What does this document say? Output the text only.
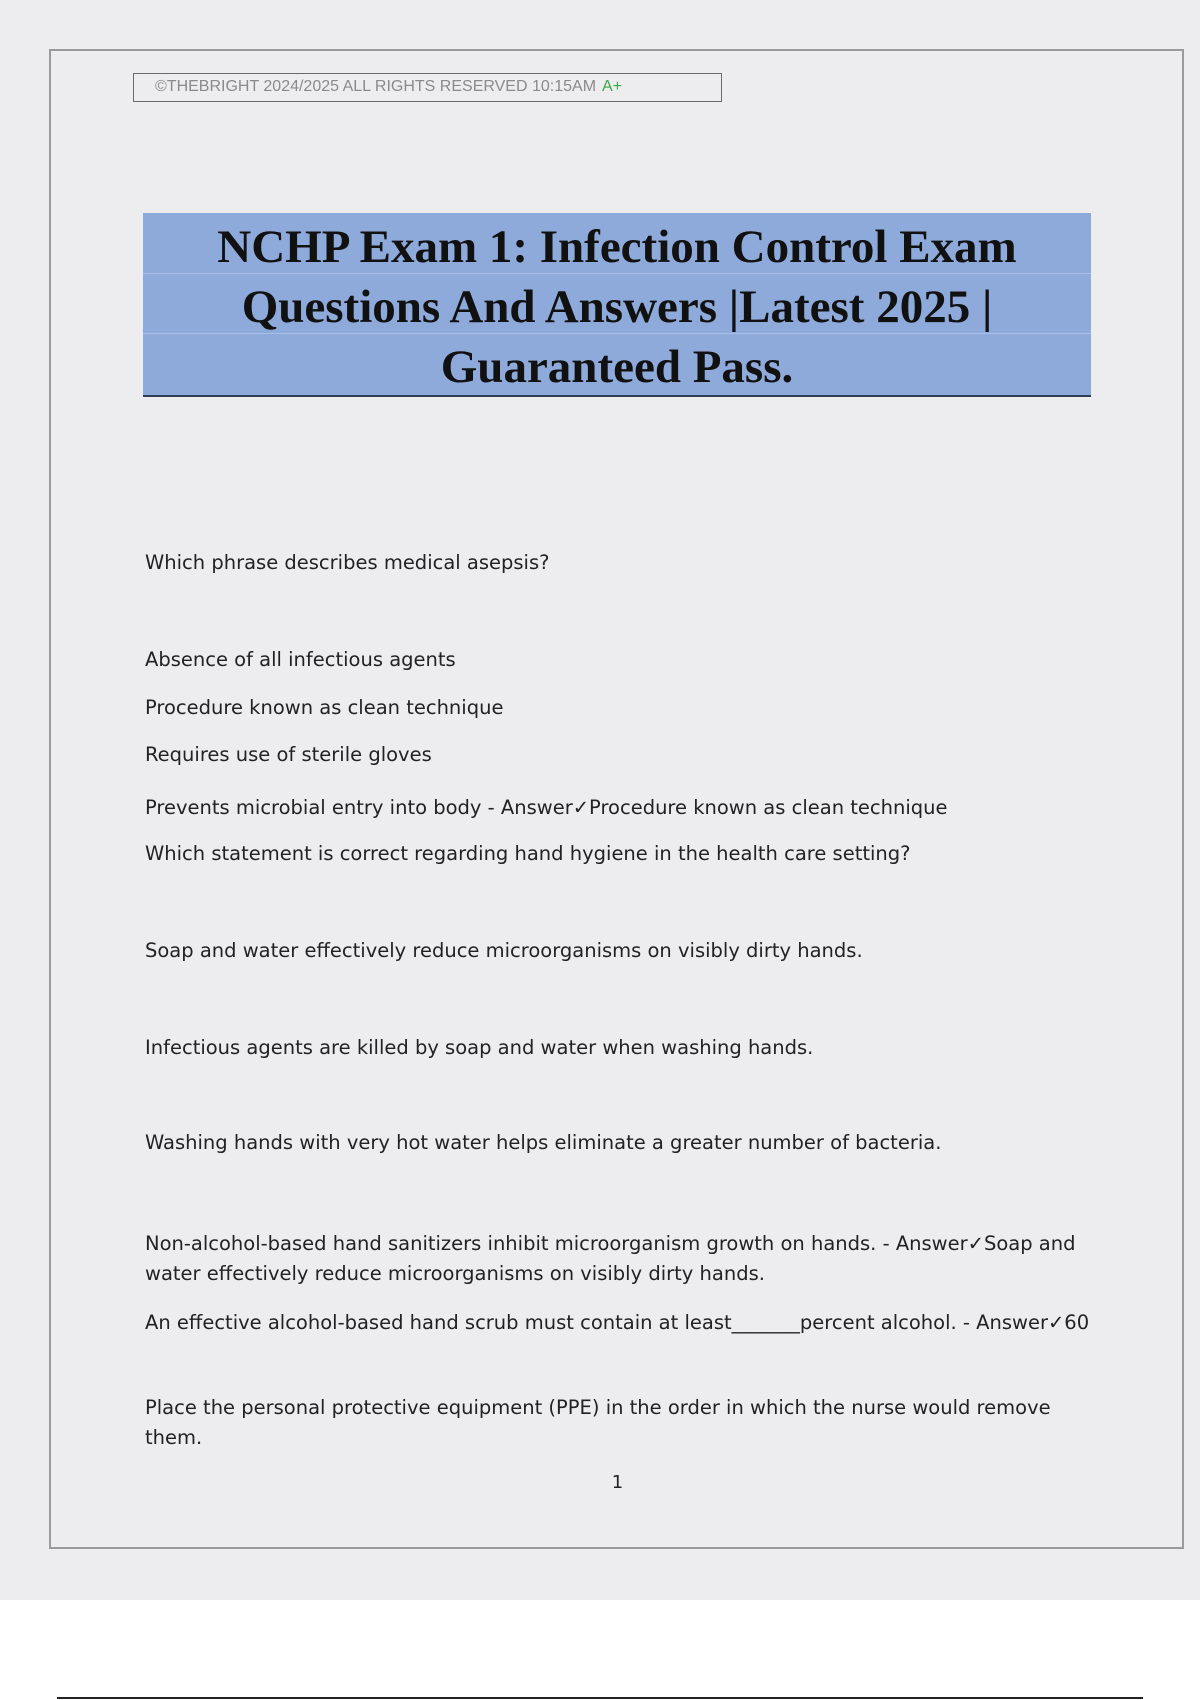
©THEBRIGHT 2024/2025 ALL RIGHTS RESERVED 10:15AM A+
NCHP Exam 1: Infection Control Exam
Questions And Answers |Latest 2025 |
Guaranteed Pass.

Which phrase describes medical asepsis?

Absence of all infectious agents

Procedure known as clean technique

Requires use of sterile gloves

Prevents microbial entry into body - Answer✓Procedure known as clean technique

Which statement is correct regarding hand hygiene in the health care setting?

Soap and water effectively reduce microorganisms on visibly dirty hands.

Infectious agents are killed by soap and water when washing hands.

Washing hands with very hot water helps eliminate a greater number of bacteria.

Non-alcohol-based hand sanitizers inhibit microorganism growth on hands. - Answer✓Soap and water effectively reduce microorganisms on visibly dirty hands.

An effective alcohol-based hand scrub must contain at least_______percent alcohol. - Answer✓60

Place the personal protective equipment (PPE) in the order in which the nurse would remove them.

1
